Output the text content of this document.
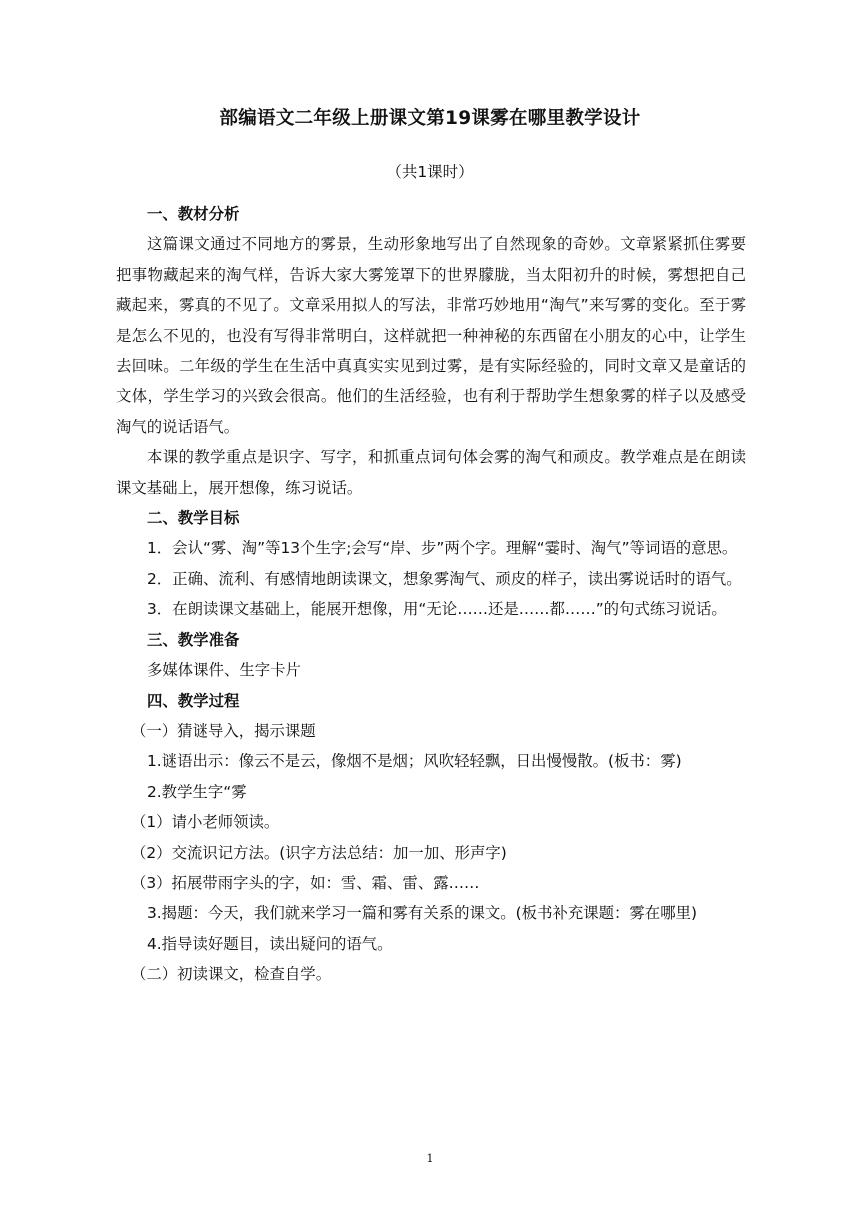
部编语文二年级上册课文第19课雾在哪里教学设计
（共1课时）

一、教材分析

这篇课文通过不同地方的雾景，生动形象地写出了自然现象的奇妙。文章紧紧抓住雾要把事物藏起来的淘气样，告诉大家大雾笼罩下的世界朦胧，当太阳初升的时候，雾想把自己藏起来，雾真的不见了。文章采用拟人的写法，非常巧妙地用“淘气”来写雾的变化。至于雾是怎么不见的，也没有写得非常明白，这样就把一种神秘的东西留在小朋友的心中，让学生去回味。二年级的学生在生活中真真实实见到过雾，是有实际经验的，同时文章又是童话的文体，学生学习的兴致会很高。他们的生活经验，也有利于帮助学生想象雾的样子以及感受淘气的说话语气。

本课的教学重点是识字、写字，和抓重点词句体会雾的淘气和顽皮。教学难点是在朗读课文基础上，展开想像，练习说话。

二、教学目标

1．会认“雾、淘”等13个生字;会写“岸、步”两个字。理解“霎时、淘气”等词语的意思。

2．正确、流利、有感情地朗读课文，想象雾淘气、顽皮的样子，读出雾说话时的语气。

3．在朗读课文基础上，能展开想像，用“无论……还是……都……”的句式练习说话。

三、教学准备

多媒体课件、生字卡片

四、教学过程

（一）猜谜导入，揭示课题

1.谜语出示：像云不是云，像烟不是烟；风吹轻轻飘，日出慢慢散。(板书：雾)

2.教学生字“雾

（1）请小老师领读。

（2）交流识记方法。(识字方法总结：加一加、形声字)

（3）拓展带雨字头的字，如：雪、霜、雷、露……

3.揭题：今天，我们就来学习一篇和雾有关系的课文。(板书补充课题：雾在哪里)

4.指导读好题目，读出疑问的语气。

（二）初读课文，检查自学。

1
